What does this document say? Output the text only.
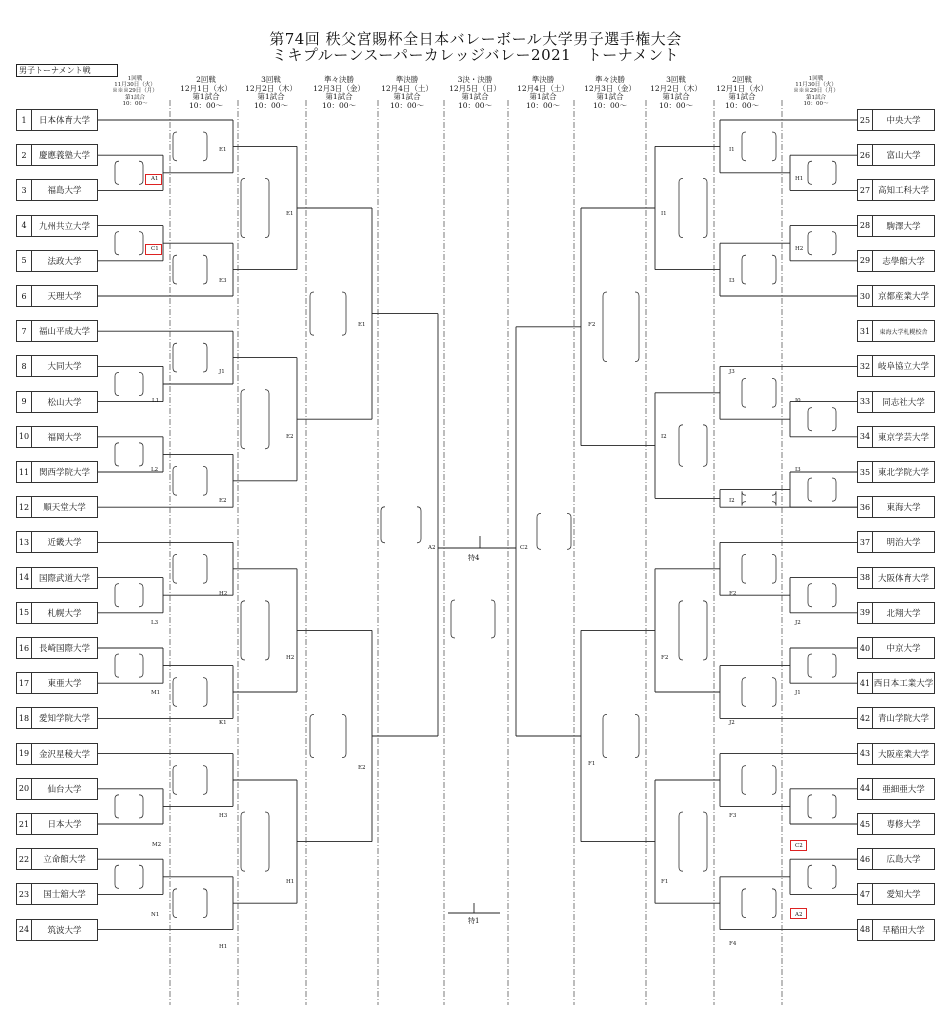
第74回 秩父宮賜杯全日本バレーボール大学男子選手権大会
ミキプルーンスーパーカレッジバレー2021　トーナメント
男子トーナメント戦
1回戦
11月30日（火）
※※※29日（月）
第1試合
10：00～
2回戦
12月1日（水）
第1試合
10：00～
3回戦
12月2日（木）
第1試合
10：00～
準々決勝
12月3日（金）
第1試合
10：00～
準決勝
12月4日（土）
第1試合
10：00～
3決・決勝
12月5日（日）
第1試合
10：00～
準決勝
12月4日（土）
第1試合
10：00～
準々決勝
12月3日（金）
第1試合
10：00～
3回戦
12月2日（木）
第1試合
10：00～
2回戦
12月1日（水）
第1試合
10：00～
1回戦
11月30日（火）
※※※29日（月）
第1試合
10：00～
1	日本体育大学
2	慶應義塾大学
3	福島大学
4	九州共立大学
5	法政大学
6	天理大学
7	福山平成大学
8	大同大学
9	松山大学
10	福岡大学
11	関西学院大学
12	順天堂大学
13	近畿大学
14	国際武道大学
15	札幌大学
16	長崎国際大学
17	東亜大学
18	愛知学院大学
19	金沢星稜大学
20	仙台大学
21	日本大学
22	立命館大学
23	国士舘大学
24	筑波大学
25	中央大学
26	富山大学
27 高知工科大学
28	駒澤大学
29	志學館大学
30 京都産業大学
31	東海大学札幌校舎
32 岐阜協立大学
33	同志社大学
34 東京学芸大学
35 東北学院大学
36	東海大学
37	明治大学
38 大阪体育大学
39	北翔大学
40	中京大学
41 西日本工業大学
42 青山学院大学
43 大阪産業大学
44	亜細亜大学
45	専修大学
46	広島大学
47	愛知大学
48	早稲田大学
A1
C1
L1
L2
L3
M1
M2
N1
E1
E3
J1
E2
H2
K1
H3
H1
E1
E2
H2
H1
E1
E2
A2	C2
F2
F1
I1
I2
F2
F1
I1
I3
J3
I2
F2
J2
F3
F4
H1
H2
I0
I3
J2
J1
C2
A2
特4
特1
